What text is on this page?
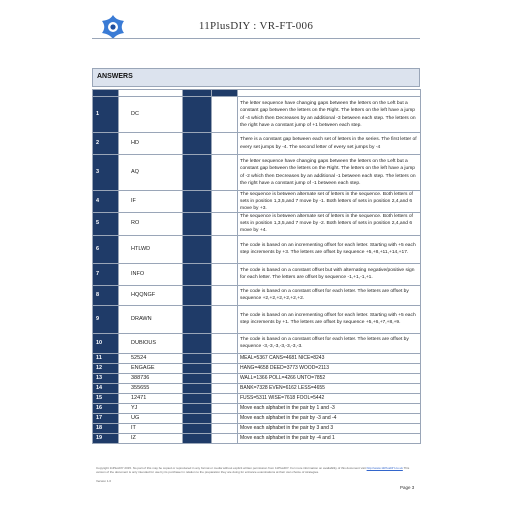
11PlusDIY : VR-FT-006
ANSWERS

1	DC			The letter sequence have changing gaps between the letters on the Left but a constant gap between the letters on the Right. The letters on the left have a jump of -4 which then Decreases by an additional -3 between each step. The letters on the right have a constant jump of +1 between each step.
2	HD			There is a constant gap between each set of letters in the series. The first letter of every set jumps by -4. The second letter of every set jumps by -4
3	AQ			The letter sequence have changing gaps between the letters on the Left but a constant gap between the letters on the Right. The letters on the left have a jump of -2 which then Decreases by an additional -1 between each step. The letters on the right have a constant jump of -1 between each step.
4	IF			The sequence is between alternate set of letters in the sequence. Both letters of sets in position 1,3,5,and 7 move by -1. Both letters of sets in position 2,4,and 6 move by +3.
5	RO			The sequence is between alternate set of letters in the sequence. Both letters of sets in position 1,3,5,and 7 move by -2. Both letters of sets in position 2,4,and 6 move by +4.
6	HTLWD			The code is based on an incrementing offset for each letter. Starting with +5 each step increments by +3. The letters are offset by sequence +5,+8,+11,+14,+17.
7	INFO			The code is based on a constant offset but with alternating negative/positive sign for each letter. The letters are offset by sequence -1,+1,-1,+1.
8	HQQNGF			The code is based on a constant offset for each letter. The letters are offset by sequence +2,+2,+2,+2,+2,+2.
9	DRAWN			The code is based on an incrementing offset for each letter. Starting with +5 each step increments by +1. The letters are offset by sequence +5,+6,+7,+8,+9.
10	DUBIOUS			The code is based on a constant offset for each letter. The letters are offset by sequence -3,-3,-3,-3,-3,-3,-3.
11	52524			MEAL=5367 CANS=4681 NICE=8243
12	ENGAGE			HANG=4658 DEED=3773 WOOD=2113
13	388736			WALL=1366 POLL=4266 UNTO=7852
14	355655			BANK=7328 EVEN=6162 LESS=4655
15	12471			FUSS=5311 WISE=7618 FOOL=5442
16	YJ			Move each alphabet in the pair by 1 and -3
17	UG			Move each alphabet in the pair by -3 and -4
18	IT			Move each alphabet in the pair by 3 and 3
19	IZ			Move each alphabet in the pair by -4 and 1
Copyright 11PlusDIY 2015. No part of this may be copied or reproduced in any format or media without explicit written permission from 11PlusDIY. For more information on availability of this document visit http://www.11PlusDIY.co.uk This version of the document is only intended for use by its purchaser in relation to the preparation they are doing for entrance examinations at their own choice of strategies.
Version 1.0
Page 3
